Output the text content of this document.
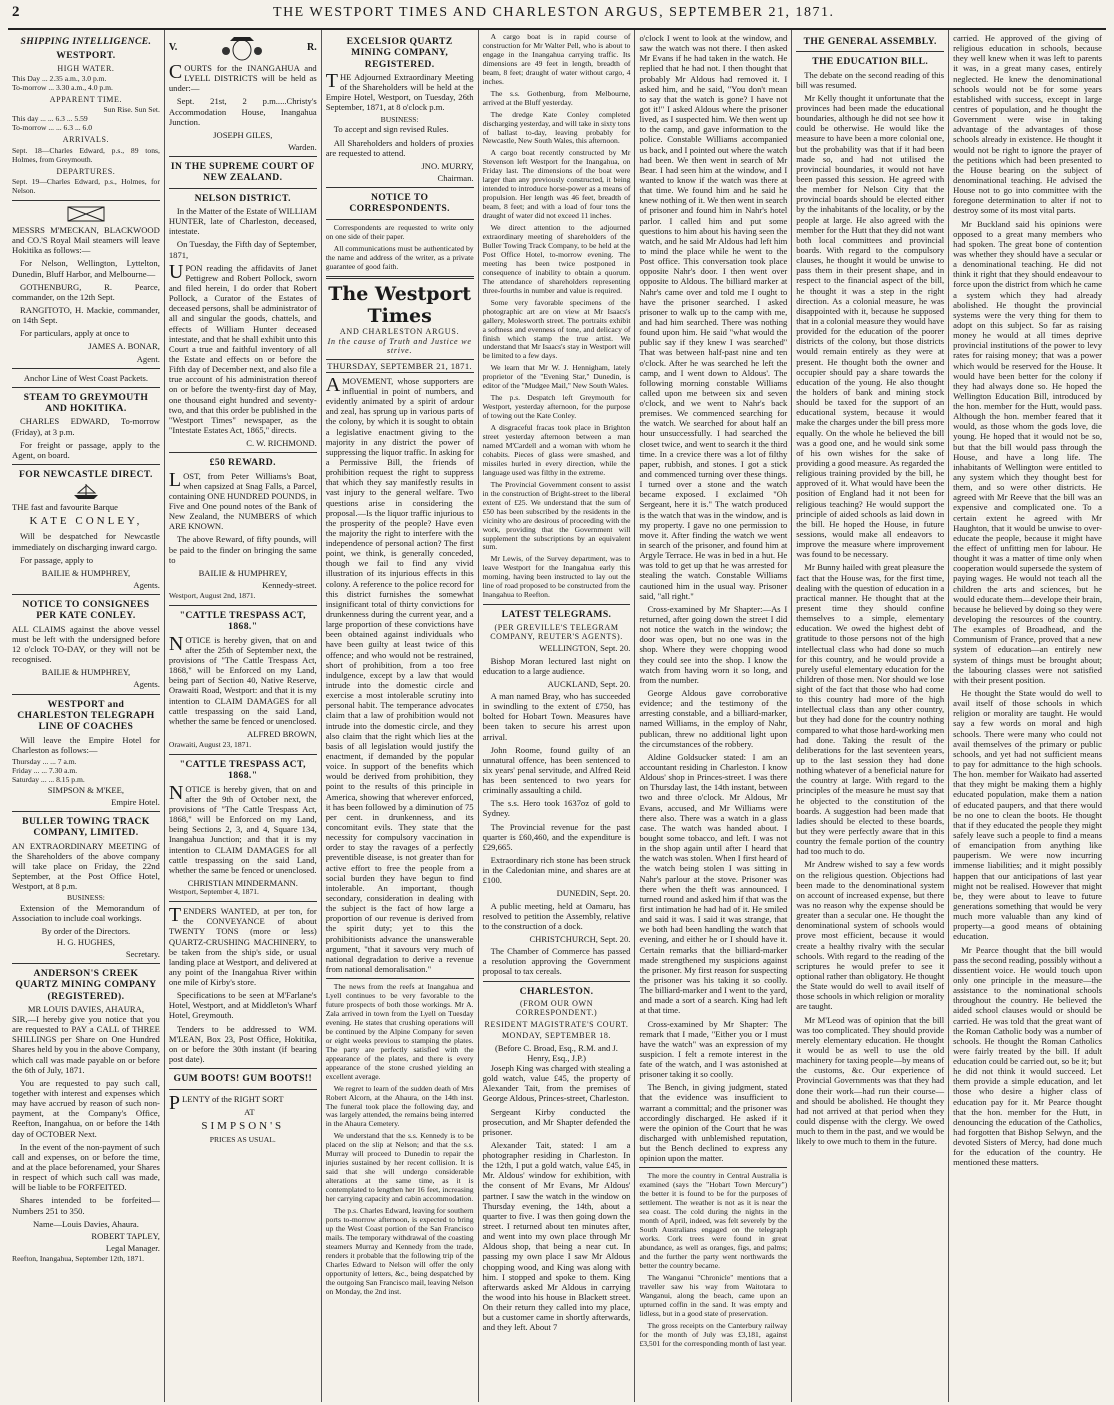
2	THE WESTPORT TIMES AND CHARLESTON ARGUS, SEPTEMBER 21, 1871.
SHIPPING INTELLIGENCE.
WESTPORT.
HIGH WATER.
This Day ... 2.35 a.m., 3.0 p.m.
To-morrow ... 3.30 a.m., 4.0 p.m.
APPARENT TIME.
Sun Rise. Sun Set.
This day ... ... 6.3 ... 5.59
To-morrow ... ... 6.3 ... 6.0
ARRIVALS.
Sept. 18—Charles Edward, p.s., 89 tons, Holmes, from Greymouth.
DEPARTURES.
Sept. 19—Charles Edward, p.s., Holmes, for Nelson.

MESSRS M'MECKAN, BLACKWOOD and CO.'S Royal Mail steamers will leave Hokitika as follows:—

For Nelson, Wellington, Lyttelton, Dunedin, Bluff Harbor, and Melbourne—

GOTHENBURG, R. Pearce, commander, on the 12th Sept.

RANGITOTO, H. Mackie, commander, on 14th Sept.

For particulars, apply at once to

JAMES A. BONAR,
Agent.
Anchor Line of West Coast Packets.
STEAM TO GREYMOUTH AND HOKITIKA.

CHARLES EDWARD, To-morrow (Friday), at 3 p.m.

For freight or passage, apply to the Agent, on board.

FOR NEWCASTLE DIRECT.

THE fast and favourite Barque

KATE CONLEY,

Will be despatched for Newcastle immediately on discharging inward cargo.

For passage, apply to

BAILIE & HUMPHREY,
Agents.
NOTICE TO CONSIGNEES PER KATE CONLEY.

ALL CLAIMS against the above vessel must be left with the undersigned before 12 o'clock TO-DAY, or they will not be recognised.

BAILIE & HUMPHREY,
Agents.
WESTPORT and CHARLESTON TELEGRAPH LINE OF COACHES

Will leave the Empire Hotel for Charleston as follows:—

Thursday ... ... 7 a.m.
Friday ... ... 7.30 a.m.
Saturday ... ... 8.15 p.m.
SIMPSON & M'KEE,
Empire Hotel.
BULLER TOWING TRACK COMPANY, LIMITED.

AN EXTRAORDINARY MEETING of the Shareholders of the above company will take place on Friday, the 22nd September, at the Post Office Hotel, Westport, at 8 p.m.

BUSINESS:

Extension of the Memorandum of Association to include coal workings.

By order of the Directors.
H. G. HUGHES,
Secretary.
ANDERSON'S CREEK QUARTZ MINING COMPANY (REGISTERED).
MR LOUIS DAVIES, AHAURA,

SIR,—I hereby give you notice that you are requested to PAY a CALL of THREE SHILLINGS per Share on One Hundred Shares held by you in the above Company, which call was made payable on or before the 6th of July, 1871.

You are requested to pay such call, together with interest and expenses which may have accrued by reason of such non-payment, at the Company's Office, Reefton, Inangahua, on or before the 14th day of OCTOBER Next.

In the event of the non-payment of such call and expenses, on or before the time, and at the place beforenamed, your Shares in respect of which such call was made, will be liable to be FORFEITED.

Shares intended to be forfeited—Numbers 251 to 350.

Name—Louis Davies, Ahaura.
ROBERT TAPLEY,
Legal Manager.
Reefton, Inangahua, September 12th, 1871.
V.	R.

COURTS for the INANGAHUA and LYELL DISTRICTS will be held as under:—

Sept. 21st, 2 p.m.....Christy's Accommodation House, Inangahua Junction.

JOSEPH GILES,
Warden.
IN THE SUPREME COURT OF NEW ZEALAND.
NELSON DISTRICT.

In the Matter of the Estate of WILLIAM HUNTER, late of Charleston, deceased, intestate.

On Tuesday, the Fifth day of September, 1871,

UPON reading the affidavits of Janet Pettigrew and Robert Pollock, sworn and filed herein, I do order that Robert Pollock, a Curator of the Estates of deceased persons, shall be administrator of all and singular the goods, chattels, and effects of William Hunter deceased intestate, and that he shall exhibit unto this Court a true and faithful inventory of all the Estate and effects on or before the Fifth day of December next, and also file a true account of his administration thereof on or before the twenty-first day of May, one thousand eight hundred and seventy-two, and that this order be published in the "Westport Times" newspaper, as the "Intestate Estates Act, 1865," directs.

C. W. RICHMOND.
£50 REWARD.

LOST, from Peter Williams's Boat, when capsized at Snag Falls, a Parcel, containing ONE HUNDRED POUNDS, in Five and One pound notes of the Bank of New Zealand, the NUMBERS of which ARE KNOWN.

The above Reward, of fifty pounds, will be paid to the finder on bringing the same to

BAILIE & HUMPHREY,
Kennedy-street.
Westport, August 2nd, 1871.
"CATTLE TRESPASS ACT, 1868."

NOTICE is hereby given, that on and after the 25th of September next, the provisions of "The Cattle Trespass Act, 1868," will be Enforced on my Land, being part of Section 40, Native Reserve, Orawaiti Road, Westport: and that it is my intention to CLAIM DAMAGES for all cattle trespassing on the said Land, whether the same be fenced or unenclosed.

ALFRED BROWN,
Orawaiti, August 23, 1871.
"CATTLE TRESPASS ACT, 1868."

NOTICE is hereby given, that on and after the 9th of October next, the provisions of "The Cattle Trespass Act, 1868," will be Enforced on my Land, being Sections 2, 3, and 4, Square 134, Inangahua Junction; and that it is my intention to CLAIM DAMAGES for all cattle trespassing on the said Land, whether the same be fenced or unenclosed.

CHRISTIAN MINDERMANN.
Westport, September 4, 1871.

TENDERS WANTED, at per ton, for the CONVEYANCE of about TWENTY TONS (more or less) QUARTZ-CRUSHING MACHINERY, to be taken from the ship's side, or usual landing place at Westport, and delivered at any point of the Inangahua River within one mile of Kirby's store.

Specifications to be seen at M'Farlane's Hotel, Westport, and at Middleton's Wharf Hotel, Greymouth.

Tenders to be addressed to WM. M'LEAN, Box 23, Post Office, Hokitika, on or before the 30th instant (if bearing post date).

GUM BOOTS! GUM BOOTS!!

PLENTY of the RIGHT SORT

AT
SIMPSON'S
PRICES AS USUAL.
EXCELSIOR QUARTZ MINING COMPANY, REGISTERED.

THE Adjourned Extraordinary Meeting of the Shareholders will be held at the Empire Hotel, Westport, on Tuesday, 26th September, 1871, at 8 o'clock p.m.

BUSINESS:

To accept and sign revised Rules.

All Shareholders and holders of proxies are requested to attend.

JNO. MURRY,
Chairman.
NOTICE TO CORRESPONDENTS.

Correspondents are requested to write only on one side of their paper.

All communications must be authenticated by the name and address of the writer, as a private guarantee of good faith.

The Westport Times
AND CHARLESTON ARGUS.
In the cause of Truth and Justice we strive.
THURSDAY, SEPTEMBER 21, 1871.

AMOVEMENT, whose supporters are influential in point of numbers, and evidently animated by a spirit of ardour and zeal, has sprung up in various parts of the colony, by which it is sought to obtain a legislative enactment giving to the majority in any district the power of suppressing the liquor traffic. In asking for a Permissive Bill, the friends of prohibition request the right to suppress that which they say manifestly results in vast injury to the general welfare. Two questions arise in considering the proposal.—Is the liquor traffic injurious to the prosperity of the people? Have even the majority the right to interfere with the independence of personal action? The first point, we think, is generally conceded, though we fail to find any vivid illustration of its injurious effects in this colony. A reference to the police record for this district furnishes the somewhat insignificant total of thirty convictions for drunkenness during the current year, and a large proportion of these convictions have been obtained against individuals who have been guilty at least twice of this offence; and who would not be restrained, short of prohibition, from a too free indulgence, except by a law that would intrude into the domestic circle and exercise a most intolerable scrutiny into personal habit. The temperance advocates claim that a law of prohibition would not intrude into the domestic circle, and they also claim that the right which lies at the basis of all legislation would justify the enactment, if demanded by the popular voice. In support of the benefits which would be derived from prohibition, they point to the results of this principle in America, showing that wherever enforced, it has been followed by a diminution of 75 per cent. in drunkenness, and its concomitant evils. They state that the necessity for compulsory vaccination in order to stay the ravages of a perfectly preventible disease, is not greater than for active effort to free the people from a social burden they have begun to find intolerable. An important, though secondary, consideration in dealing with the subject is the fact of how large a proportion of our revenue is derived from the spirit duty; yet to this the prohibitionists advance the unanswerable argument, "that it savours very much of national degradation to derive a revenue from national demoralisation."

The news from the reefs at Inangahua and Lyell continues to be very favorable to the future prospects of both those workings. Mr A. Zala arrived in town from the Lyell on Tuesday evening. He states that crushing operations will be continued by the Alpine Company for seven or eight weeks previous to stamping the plates. The party are perfectly satisfied with the appearance of the plates, and there is every appearance of the stone crushed yielding an excellent average.

We regret to learn of the sudden death of Mrs Robert Alcorn, at the Ahaura, on the 14th inst. The funeral took place the following day, and was largely attended, the remains being interred in the Ahaura Cemetery.

We understand that the s.s. Kennedy is to be placed on the slip at Nelson; and that the s.s. Murray will proceed to Dunedin to repair the injuries sustained by her recent collision. It is said that she will undergo considerable alterations at the same time, as it is contemplated to lengthen her 16 feet, increasing her carrying capacity and cabin accommodation.

The p.s. Charles Edward, leaving for southern ports to-morrow afternoon, is expected to bring up the West Coast portion of the San Francisco mails. The temporary withdrawal of the coasting steamers Murray and Kennedy from the trade, renders it probable that the following trip of the Charles Edward to Nelson will offer the only opportunity of letters, &c., being despatched by the outgoing San Francisco mail, leaving Nelson on Monday, the 2nd inst.

A cargo boat is in rapid course of construction for Mr Walter Pell, who is about to engage in the Inangahua carrying traffic. Its dimensions are 49 feet in length, breadth of beam, 8 feet; draught of water without cargo, 4 inches.

The s.s. Gothenburg, from Melbourne, arrived at the Bluff yesterday.

The dredge Kate Conley completed discharging yesterday, and will take in sixty tons of ballast to-day, leaving probably for Newcastle, New South Wales, this afternoon.

A cargo boat recently constructed by Mr Stevenson left Westport for the Inangahua, on Friday last. The dimensions of the boat were larger than any previously constructed, it being intended to introduce horse-power as a means of propulsion. Her length was 46 feet, breadth of beam, 8 feet; and with a load of four tons the draught of water did not exceed 11 inches.

We direct attention to the adjourned extraordinary meeting of shareholders of the Buller Towing Track Company, to be held at the Post Office Hotel, to-morrow evening. The meeting has been twice postponed in consequence of inability to obtain a quorum. The attendance of shareholders representing three-fourths in number and value is required.

Some very favorable specimens of the photographic art are on view at Mr Isaacs's gallery, Molesworth street. The portraits exhibit a softness and evenness of tone, and delicacy of finish which stamp the true artist. We understand that Mr Isaacs's stay in Westport will be limited to a few days.

We learn that Mr W. J. Hennigham, lately proprietor of the "Evening Star," Dunedin, is editor of the "Mudgee Mail," New South Wales.

The p.s. Despatch left Greymouth for Westport, yesterday afternoon, for the purpose of towing out the Kate Conley.

A disgraceful fracas took place in Brighton street yesterday afternoon between a man named M'Cardell and a woman with whom he cohabits. Pieces of glass were smashed, and missiles hurled in every direction, while the language used was filthy in the extreme.

The Provincial Government consent to assist in the construction of Bright-street to the liberal extent of £25. We understand that the sum of £50 has been subscribed by the residents in the vicinity who are desirous of proceeding with the work, providing that the Government will supplement the subscriptions by an equivalent sum.

Mr Lewis, of the Survey department, was to leave Westport for the Inangahua early this morning, having been instructed to lay out the line of road proposed to be constructed from the Inangahua to Reefton.

LATEST TELEGRAMS.
(PER GREVILLE'S TELEGRAM COMPANY, REUTER'S AGENTS).
WELLINGTON, Sept. 20.

Bishop Moran lectured last night on education to a large audience.

AUCKLAND, Sept. 20.

A man named Bray, who has succeeded in swindling to the extent of £750, has bolted for Hobart Town. Measures have been taken to secure his arrest upon arrival.

John Roome, found guilty of an unnatural offence, has been sentenced to six years' penal servitude, and Alfred Reid has been sentenced to two years for criminally assaulting a child.

The s.s. Hero took 1637oz of gold to Sydney.

The Provincial revenue for the past quarter is £60,460, and the expenditure is £29,665.

Extraordinary rich stone has been struck in the Caledonian mine, and shares are at £100.

DUNEDIN, Sept. 20.

A public meeting, held at Oamaru, has resolved to petition the Assembly, relative to the construction of a dock.

CHRISTCHURCH, Sept. 20.

The Chamber of Commerce has passed a resolution approving the Government proposal to tax cereals.

CHARLESTON.
(FROM OUR OWN CORRESPONDENT.)
RESIDENT MAGISTRATE'S COURT.
MONDAY, SEPTEMBER 18.
(Before C. Broad, Esq., R.M. and J. Henry, Esq., J.P.)

Joseph King was charged with stealing a gold watch, value £45, the property of Alexander Tait, from the premises of George Aldous, Princes-street, Charleston.

Sergeant Kirby conducted the prosecution, and Mr Shapter defended the prisoner.

Alexander Tait, stated: I am a photographer residing in Charleston. In the 12th, I put a gold watch, value £45, in Mr. Aldous' window for exhibition, with the consent of Mr Evans, Mr Aldous' partner. I saw the watch in the window on Thursday evening, the 14th, about a quarter to five. I was then going down the street. I returned about ten minutes after, and went into my own place through Mr Aldous shop, that being a near cut. In passing my own place I saw Mr Aldous chopping wood, and King was along with him. I stopped and spoke to them. King afterwards asked Mr Aldous in carrying the wood into his house in Blackett street. On their return they called into my place, but a customer came in shortly afterwards, and they left. About 7

o'clock I went to look at the window, and saw the watch was not there. I then asked Mr Evans if he had taken in the watch. He replied that he had not. I then thought that probably Mr Aldous had removed it. I asked him, and he said, "You don't mean to say that the watch is gone? I have not got it!" I asked Aldous where the prisoner lived, as I suspected him. We then went up to the camp, and gave information to the police. Constable Williams accompanied us back, and I pointed out where the watch had been. We then went in search of Mr Bear. I had seen him at the window, and I wanted to know if the watch was there at that time. We found him and he said he knew nothing of it. We then went in search of prisoner and found him in Nahr's hotel parlor. I called him and put some questions to him about his having seen the watch, and he said Mr Aldous had left him to mind the place while he went to the Post office. This conversation took place opposite Nahr's door. I then went over opposite to Aldous. The billiard marker at Nahr's came over and told me I ought to have the prisoner searched. I asked prisoner to walk up to the camp with me, and had him searched. There was nothing found upon him. He said "what would the public say if they knew I was searched" That was between half-past nine and ten o'clock. After he was searched he left the camp, and I went down to Aldous'. The following morning constable Williams called upon me between six and seven o'clock, and we went to Nahr's back premises. We commenced searching for the watch. We searched for about half an hour unsuccessfully. I had searched the closet twice, and went to search it the third time. In a crevice there was a lot of filthy paper, rubbish, and stones. I got a stick and commenced turning over these things. I turned over a stone and the watch became exposed. I exclaimed "Oh Sergeant, here it is." The watch produced is the watch that was in the window, and is my property. I gave no one permission to move it. After finding the watch we went in search of the prisoner, and found him at Argyle Terrace. He was in bed in a hut. He was told to get up that he was arrested for stealing the watch. Constable Williams cautioned him in the usual way. Prisoner said, "all right."

Cross-examined by Mr Shapter:—As I returned, after going down the street I did not notice the watch in the window; the door was open, but no one was in the shop. Where they were chopping wood they could see into the shop. I know the watch from having worn it so long, and from the number.

George Aldous gave corroborative evidence; and the testimony of the arresting constable, and a billiard-marker, named Williams, in the employ of Nahr, publican, threw no additional light upon the circumstances of the robbery.

Aldine Goldsucker stated: I am an accountant residing in Charleston. I know Aldous' shop in Princes-street. I was there on Thursday last, the 14th instant, between two and three o'clock. Mr Aldous, Mr Evans, accused, and Mr Williams were there also. There was a watch in a glass case. The watch was handed about. I bought some tobacco, and left. I was not in the shop again until after I heard that the watch was stolen. When I first heard of the watch being stolen I was sitting in Nahr's parlour at the stove. Prisoner was there when the theft was announced. I turned round and asked him if that was the first intimation he had had of it. He smiled and said it was. I said it was strange, that we both had been handling the watch that evening, and either he or I should have it. Certain remarks that the billiard-marker made strengthened my suspicions against the prisoner. My first reason for suspecting the prisoner was his taking it so coolly. The billiard-marker and I went to the yard, and made a sort of a search. King had left at that time.

Cross-examined by Mr Shapter: The remark that I made, "Either you or I must have the watch" was an expression of my suspicion. I felt a remote interest in the fate of the watch, and I was astonished at prisoner taking it so coolly.

The Bench, in giving judgment, stated that the evidence was insufficient to warrant a committal; and the prisoner was accordingly discharged. He asked if it were the opinion of the Court that he was discharged with unblemished reputation, but the Bench declined to express any opinion upon the matter.

The more the country in Central Australia is examined (says the "Hobart Town Mercury") the better it is found to be for the purposes of settlement. The weather is not as it is near the sea coast. The cold during the nights in the month of April, indeed, was felt severely by the South Australians engaged on the telegraph works. Cork trees were found in great abundance, as well as oranges, figs, and palms; and the further the party went northwards the better the country became.

The Wanganui "Chronicle" mentions that a traveller saw his way from Waitotara to Wanganui, along the beach, came upon an upturned coffin in the sand. It was empty and lidless, but in a good state of preservation.

The gross receipts on the Canterbury railway for the month of July was £3,181, against £3,501 for the corresponding month of last year.

THE GENERAL ASSEMBLY.
THE EDUCATION BILL.

The debate on the second reading of this bill was resumed.

Mr Kelly thought it unfortunate that the provinces had been made the educational boundaries, although he did not see how it could be otherwise. He would like the measure to have been a more colonial one, but the probability was that if it had been made so, and had not utilised the provincial boundaries, it would not have been passed this session. He agreed with the member for Nelson City that the provincial boards should be elected either by the inhabitants of the locality, or by the people at large. He also agreed with the member for the Hutt that they did not want both local committees and provincial boards. With regard to the compulsory clauses, he thought it would be unwise to pass them in their present shape, and in respect to the financial aspect of the bill, he thought it was a step in the right direction. As a colonial measure, he was disappointed with it, because he supposed that in a colonial measure they would have provided for the education of the poorer districts of the colony, but those districts would remain entirely as they were at present. He thought both the owner and occupier should pay a share towards the education of the young. He also thought the holders of bank and mining stock should be taxed for the support of an educational system, because it would make the charges under the bill press more equally. On the whole he believed the bill was a good one, and he would sink some of his own wishes for the sake of providing a good measure. As regarded the religious training provided by the bill, he approved of it. What would have been the position of England had it not been for religious teaching? He would support the principle of aided schools as laid down in the bill. He hoped the House, in future sessions, would make all endeavors to improve the measure where improvement was found to be necessary.

Mr Bunny hailed with great pleasure the fact that the House was, for the first time, dealing with the question of education in a practical manner. He thought that at the present time they should confine themselves to a simple, elementary education. We owed the highest debt of gratitude to those persons not of the high intellectual class who had done so much for this country, and he would provide a purely useful elementary education for the children of those men. Nor should we lose sight of the fact that those who had come to this country had more of the high intellectual class than any other country, but they had done for the country nothing compared to what those hard-working men had done. Taking the result of the deliberations for the last seventeen years, up to the last session they had done nothing whatever of a beneficial nature for the country at large. With regard to the principles of the measure he must say that he objected to the constitution of the boards. A suggestion had been made that ladies should be elected to these boards, but they were perfectly aware that in this country the female portion of the country had too much to do.

Mr Andrew wished to say a few words on the religious question. Objections had been made to the denominational system on account of increased expense, but there was no reason why the expense should be greater than a secular one. He thought the denominational system of schools would prove most efficient, because it would create a healthy rivalry with the secular schools. With regard to the reading of the scriptures he would prefer to see it optional rather than obligatory. He thought the State would do well to avail itself of those schools in which religion or morality are taught.

Mr M'Leod was of opinion that the bill was too complicated. They should provide merely elementary education. He thought it would be as well to use the old machinery for taxing people—by means of the customs, &c. Our experience of Provincial Governments was that they had done their work—had run their course—and should be abolished. He thought they had not arrived at that period when they could dispense with the clergy. We owed much to them in the past, and we would be likely to owe much to them in the future.

carried. He approved of the giving of religious education in schools, because they well knew when it was left to parents it was, in a great many cases, entirely neglected. He knew the denominational schools would not be for some years established with success, except in large centres of population, and he thought the Government were wise in taking advantage of the advantages of those schools already in existence. He thought it would not be right to ignore the prayer of the petitions which had been presented to the House bearing on the subject of denominational teaching. He advised the House not to go into committee with the foregone determination to alter if not to destroy some of its most vital parts.

Mr Buckland said his opinions were opposed to a great many members who had spoken. The great bone of contention was whether they should have a secular or a denominational teaching. He did not think it right that they should endeavour to force upon the district from which he came a system which they had already abolished. He thought the provincial systems were the very thing for them to adopt on this subject. So far as raising money he would at all times deprive provincial institutions of the power to levy rates for raising money; that was a power which would be reserved for the House. It would have been better for the colony if they had always done so. He hoped the Wellington Education Bill, introduced by the hon. member for the Hutt, would pass. Although the hon. member feared that it would, as those whom the gods love, die young. He hoped that it would not be so, but that the bill would pass through the House, and have a long life. The inhabitants of Wellington were entitled to any system which they thought best for them, and so were other districts. He agreed with Mr Reeve that the bill was an expensive and complicated one. To a certain extent he agreed with Mr Haughton, that it would be unwise to over-educate the people, because it might have the effect of unfitting men for labour. He thought it was a matter of time only when cooperation would supersede the system of paying wages. He would not teach all the children the arts and sciences, but he would educate them—develope their brain, because he believed by doing so they were developing the resources of the country. The examples of Broadhead, and the Communism of France, proved that a new system of education—an entirely new system of things must be brought about; the labouring classes were not satisfied with their present position.

He thought the State would do well to avail itself of those schools in which religion or morality are taught. He would say a few words on moral and high schools. There were many who could not avail themselves of the primary or public schools, and yet had not sufficient means to pay for admittance to the high schools. The hon. member for Waikato had asserted that they might be making them a highly educated population, make them a nation of educated paupers, and that there would be no one to clean the boots. He thought that if they educated the people they might safely leave such a people to find a means of emancipation from anything like pauperism. We were now incurring immense liabilities; and it might possibly happen that our anticipations of last year might not be realised. However that might be, they were about to leave to future generations something that would be very much more valuable than any kind of property—a good means of obtaining education.

Mr Pearce thought that the bill would pass the second reading, possibly without a dissentient voice. He would touch upon only one principle in the measure—the assistance to the nominational schools throughout the country. He believed the aided school clauses would or should be carried. He was told that the great want of the Roman Catholic body was a number of schools. He thought the Roman Catholics were fairly treated by the bill. If adult education could be carried out, so be it; but he did not think it would succeed. Let them provide a simple education, and let those who desire a higher class of education pay for it. Mr Pearce thought that the hon. member for the Hutt, in denouncing the education of the Catholics, had forgotten that Bishop Selwyn, and the devoted Sisters of Mercy, had done much for the education of the country. He mentioned these matters.
